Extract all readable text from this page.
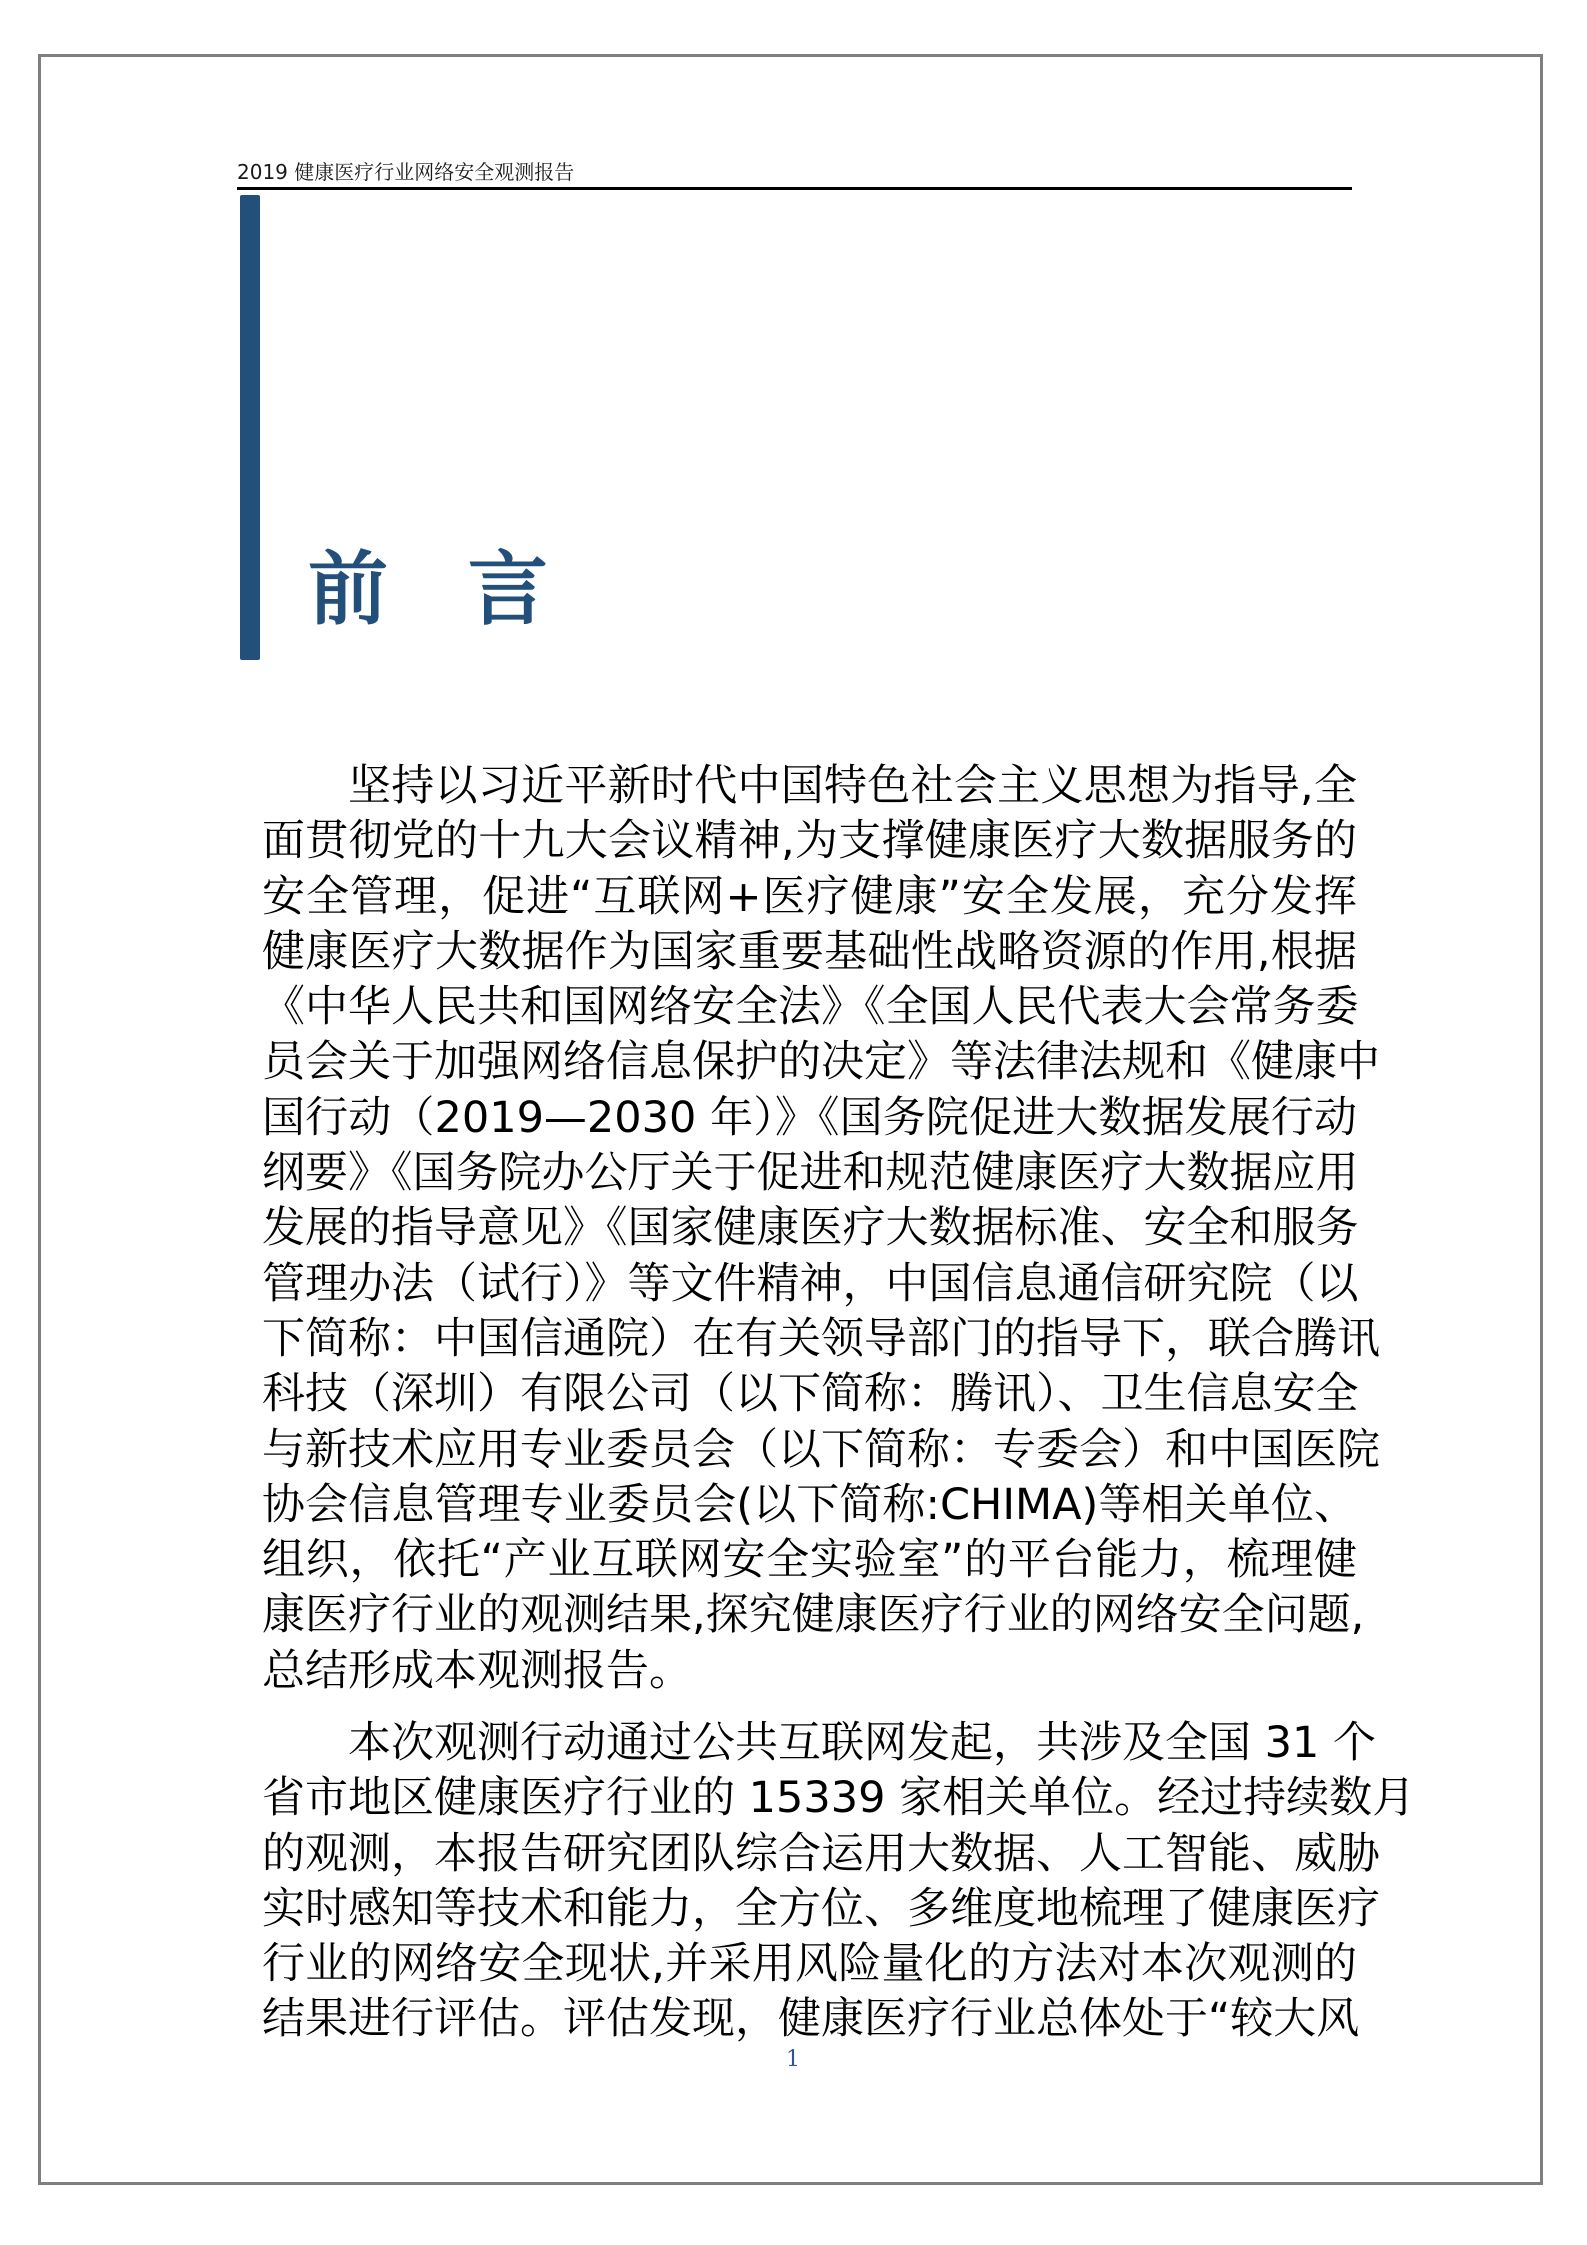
2019 健康医疗行业网络安全观测报告
前 言
坚持以习近平新时代中国特色社会主义思想为指导,全
面贯彻党的十九大会议精神,为支撑健康医疗大数据服务的
安全管理，促进“互联网+医疗健康”安全发展，充分发挥
健康医疗大数据作为国家重要基础性战略资源的作用,根据
《中华人民共和国网络安全法》《全国人民代表大会常务委
员会关于加强网络信息保护的决定》等法律法规和《健康中
国行动（2019—2030 年）》《国务院促进大数据发展行动
纲要》《国务院办公厅关于促进和规范健康医疗大数据应用
发展的指导意见》《国家健康医疗大数据标准、安全和服务
管理办法（试行）》等文件精神，中国信息通信研究院（以
下简称：中国信通院）在有关领导部门的指导下，联合腾讯
科技（深圳）有限公司（以下简称：腾讯）、卫生信息安全
与新技术应用专业委员会（以下简称：专委会）和中国医院
协会信息管理专业委员会(以下简称:CHIMA)等相关单位、
组织，依托“产业互联网安全实验室”的平台能力，梳理健
康医疗行业的观测结果,探究健康医疗行业的网络安全问题,
总结形成本观测报告。
本次观测行动通过公共互联网发起，共涉及全国 31 个
省市地区健康医疗行业的 15339 家相关单位。经过持续数月
的观测，本报告研究团队综合运用大数据、人工智能、威胁
实时感知等技术和能力，全方位、多维度地梳理了健康医疗
行业的网络安全现状,并采用风险量化的方法对本次观测的
结果进行评估。评估发现，健康医疗行业总体处于“较大风
1
